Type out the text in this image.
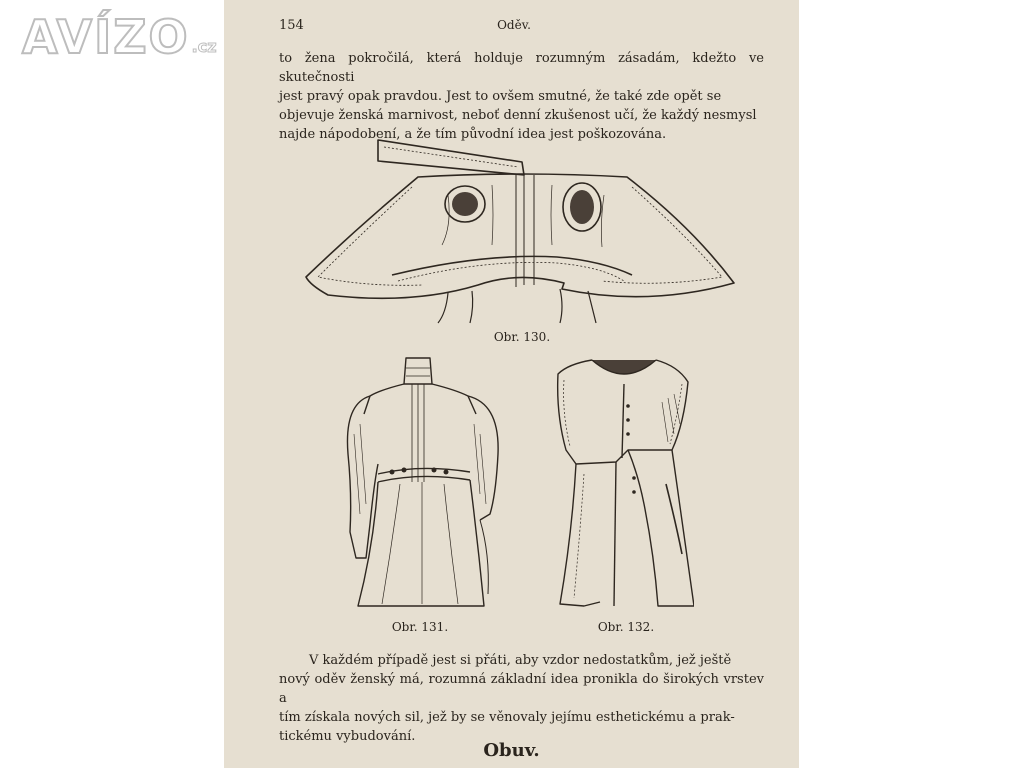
AVÍZO .cz
154	Oděv.

to žena pokročilá, která holduje rozumným zásadám, kdežto ve skutečnosti

jest pravý opak pravdou. Jest to ovšem smutné, že také zde opět se

objevuje ženská marnivost, neboť denní zkušenost učí, že každý nesmysl

najde nápodobení, a že tím původní idea jest poškozována.

Obr. 130.
Obr. 131.	Obr. 132.

V každém případě jest si přáti, aby vzdor nedostatkům, jež ještě

nový oděv ženský má, rozumná základní idea pronikla do širokých vrstev a

tím získala nových sil, jež by se věnovaly jejímu esthetickému a prak-

tickému vybudování.

Obuv.
